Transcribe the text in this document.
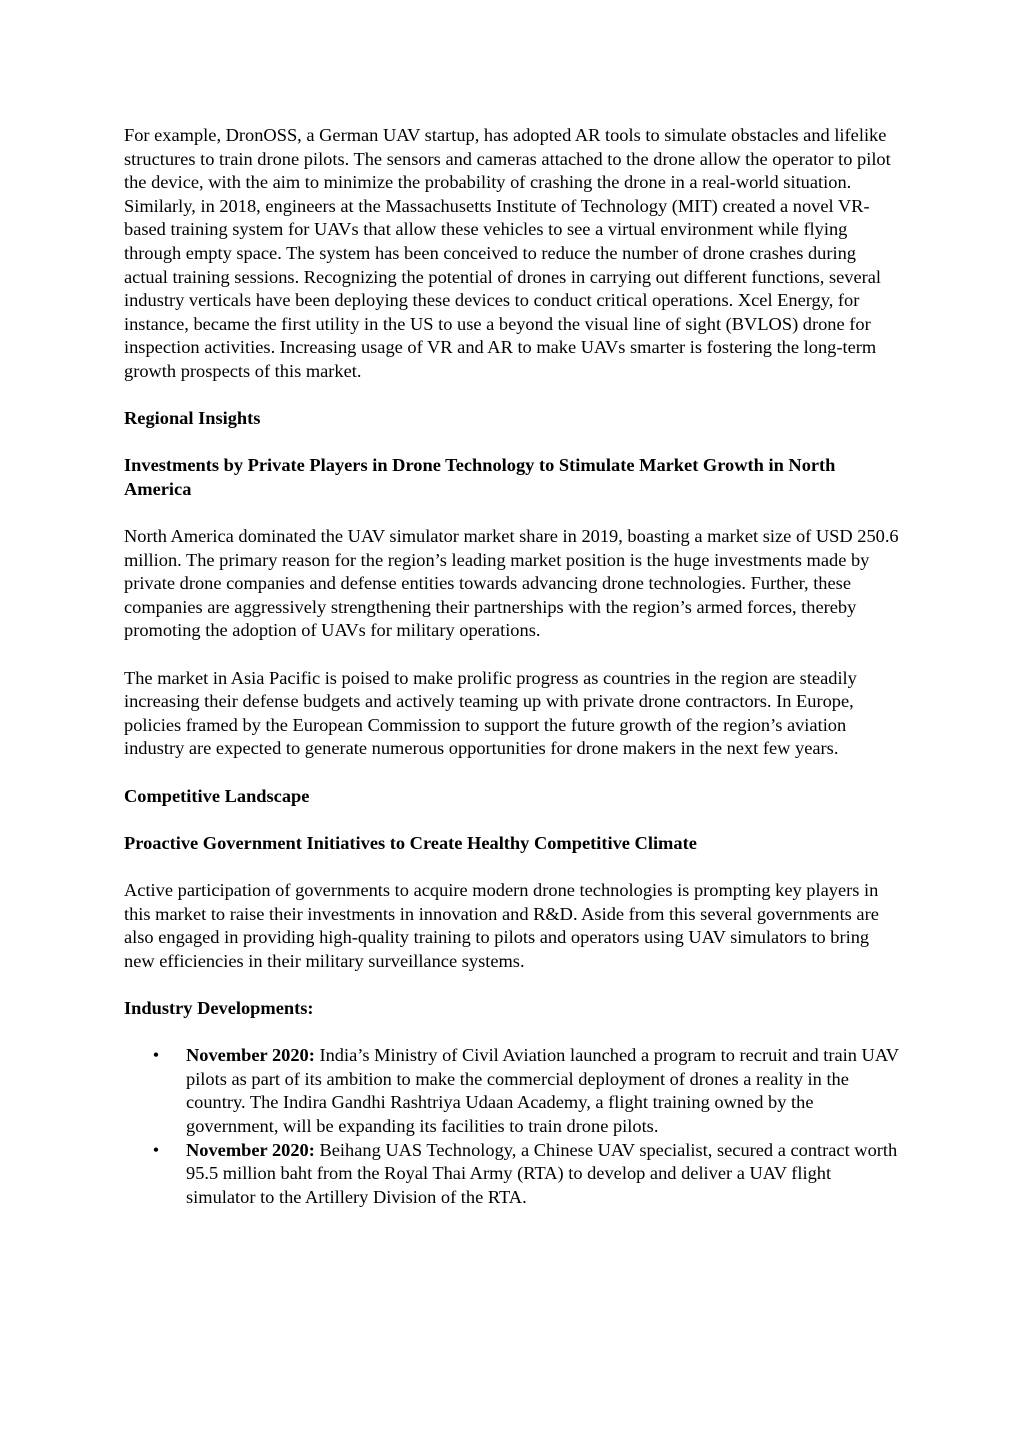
For example, DronOSS, a German UAV startup, has adopted AR tools to simulate obstacles and lifelike structures to train drone pilots. The sensors and cameras attached to the drone allow the operator to pilot the device, with the aim to minimize the probability of crashing the drone in a real-world situation. Similarly, in 2018, engineers at the Massachusetts Institute of Technology (MIT) created a novel VR-based training system for UAVs that allow these vehicles to see a virtual environment while flying through empty space. The system has been conceived to reduce the number of drone crashes during actual training sessions. Recognizing the potential of drones in carrying out different functions, several industry verticals have been deploying these devices to conduct critical operations. Xcel Energy, for instance, became the first utility in the US to use a beyond the visual line of sight (BVLOS) drone for inspection activities. Increasing usage of VR and AR to make UAVs smarter is fostering the long-term growth prospects of this market.

Regional Insights

Investments by Private Players in Drone Technology to Stimulate Market Growth in North America

North America dominated the UAV simulator market share in 2019, boasting a market size of USD 250.6 million. The primary reason for the region’s leading market position is the huge investments made by private drone companies and defense entities towards advancing drone technologies. Further, these companies are aggressively strengthening their partnerships with the region’s armed forces, thereby promoting the adoption of UAVs for military operations.

The market in Asia Pacific is poised to make prolific progress as countries in the region are steadily increasing their defense budgets and actively teaming up with private drone contractors. In Europe, policies framed by the European Commission to support the future growth of the region’s aviation industry are expected to generate numerous opportunities for drone makers in the next few years.

Competitive Landscape

Proactive Government Initiatives to Create Healthy Competitive Climate

Active participation of governments to acquire modern drone technologies is prompting key players in this market to raise their investments in innovation and R&D. Aside from this several governments are also engaged in providing high-quality training to pilots and operators using UAV simulators to bring new efficiencies in their military surveillance systems.

Industry Developments:

• November 2020: India’s Ministry of Civil Aviation launched a program to recruit and train UAV pilots as part of its ambition to make the commercial deployment of drones a reality in the country. The Indira Gandhi Rashtriya Udaan Academy, a flight training owned by the government, will be expanding its facilities to train drone pilots.
• November 2020: Beihang UAS Technology, a Chinese UAV specialist, secured a contract worth 95.5 million baht from the Royal Thai Army (RTA) to develop and deliver a UAV flight simulator to the Artillery Division of the RTA.
